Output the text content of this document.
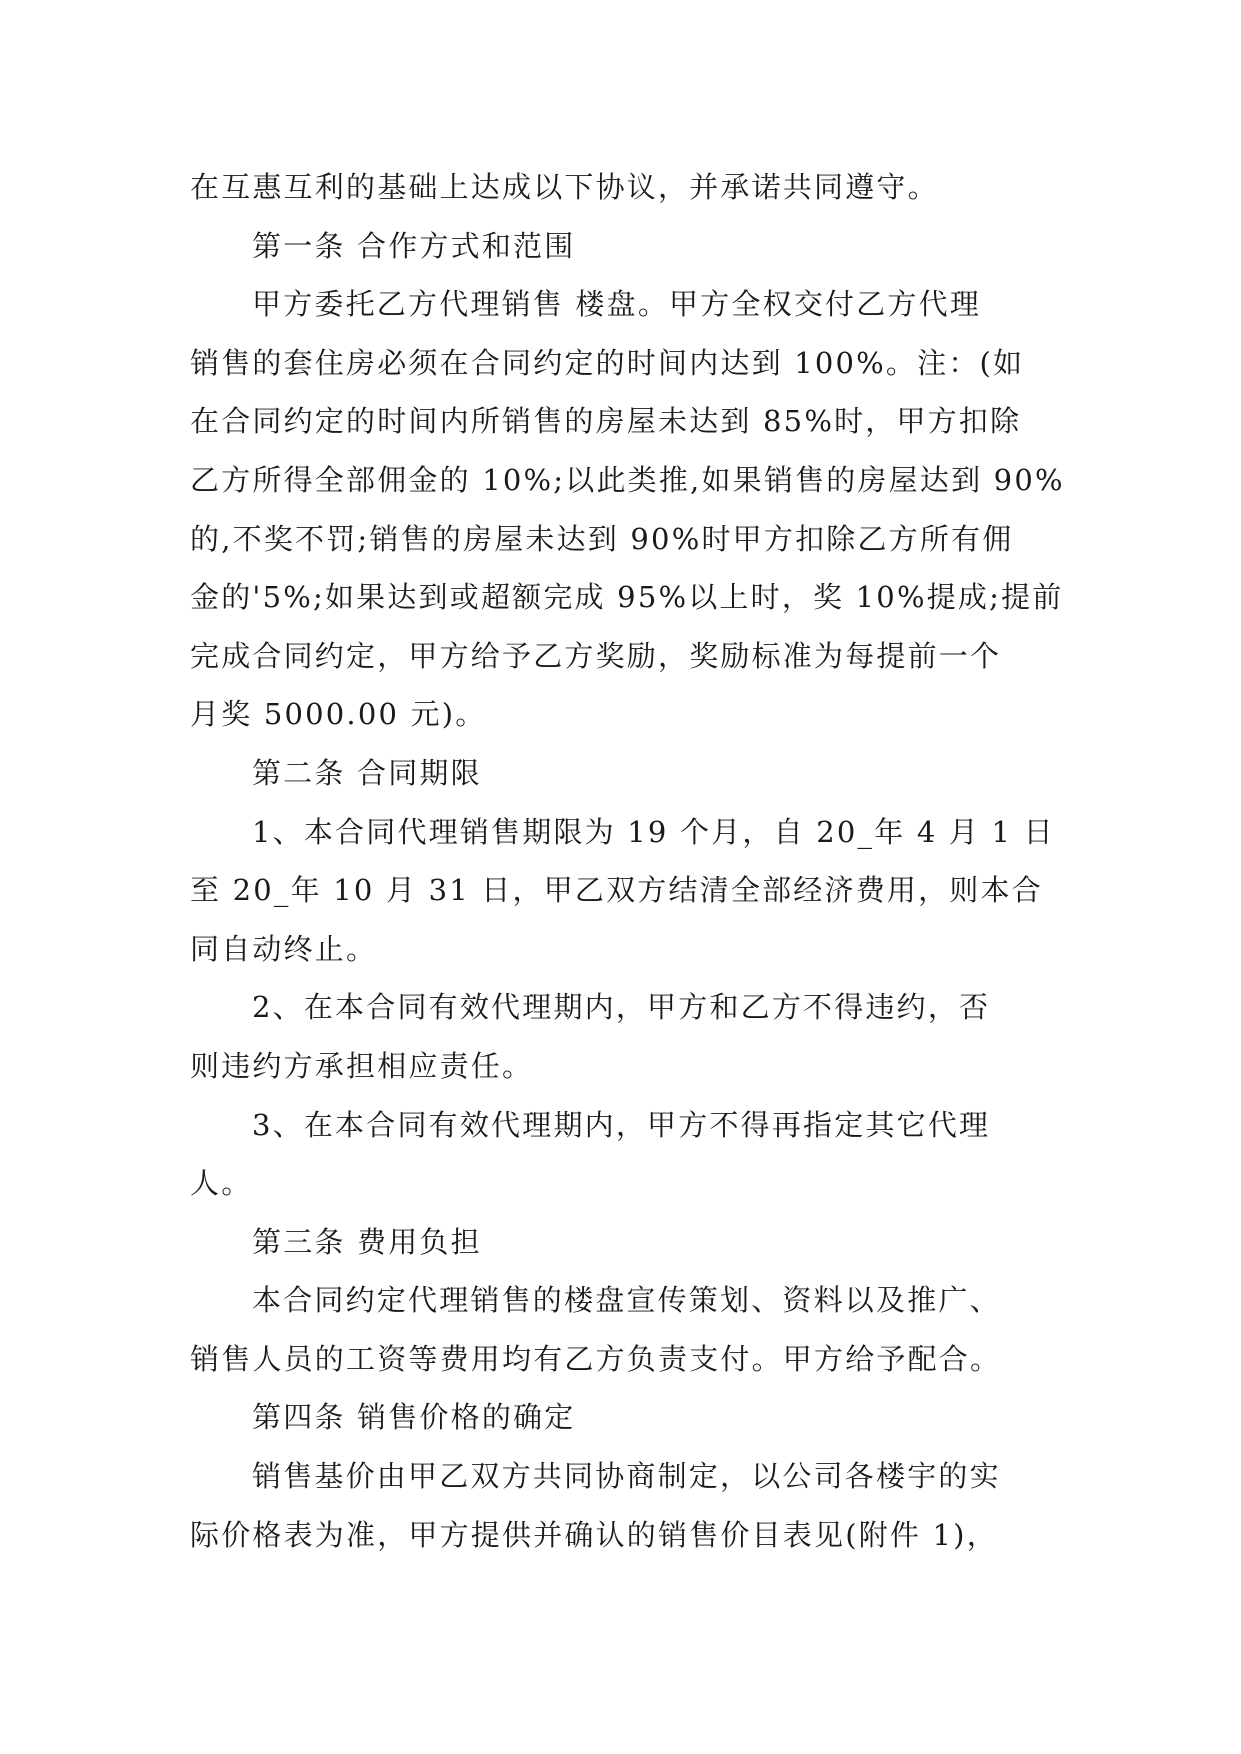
在互惠互利的基础上达成以下协议，并承诺共同遵守。
第一条 合作方式和范围
甲方委托乙方代理销售 楼盘。甲方全权交付乙方代理
销售的套住房必须在合同约定的时间内达到 100%。注：(如
在合同约定的时间内所销售的房屋未达到 85%时，甲方扣除
乙方所得全部佣金的 10%;以此类推,如果销售的房屋达到 90%
的,不奖不罚;销售的房屋未达到 90%时甲方扣除乙方所有佣
金的'5%;如果达到或超额完成 95%以上时，奖 10%提成;提前
完成合同约定，甲方给予乙方奖励，奖励标准为每提前一个
月奖 5000.00 元)。
第二条 合同期限
1、本合同代理销售期限为 19 个月，自 20_年 4 月 1 日
至 20_年 10 月 31 日，甲乙双方结清全部经济费用，则本合
同自动终止。
2、在本合同有效代理期内，甲方和乙方不得违约，否
则违约方承担相应责任。
3、在本合同有效代理期内，甲方不得再指定其它代理
人。
第三条 费用负担
本合同约定代理销售的楼盘宣传策划、资料以及推广、
销售人员的工资等费用均有乙方负责支付。甲方给予配合。
第四条 销售价格的确定
销售基价由甲乙双方共同协商制定，以公司各楼宇的实
际价格表为准，甲方提供并确认的销售价目表见(附件 1)，
